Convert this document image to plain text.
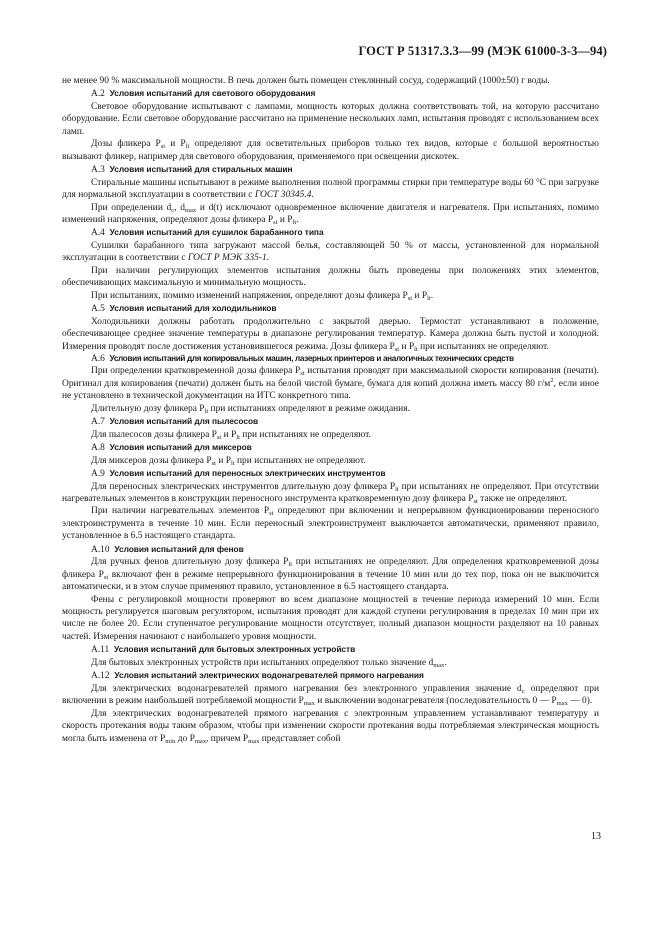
ГОСТ Р 51317.3.3—99 (МЭК 61000-3-3—94)

не менее 90 % максимальной мощности. В печь должен быть помещен стеклянный сосуд, содержащий (1000±50) г воды.

А.2 Условия испытаний для светового оборудования

Световое оборудование испытывают с лампами, мощность которых должна соответствовать той, на которую рассчитано оборудование. Если световое оборудование рассчитано на применение нескольких ламп, испытания проводят с использованием всех ламп.

Дозы фликера $P_{st}$ и $P_{lt}$ определяют для осветительных приборов только тех видов, которые с большой вероятностью вызывают фликер, например для светового оборудования, применяемого при освещении дискотек.

А.3 Условия испытаний для стиральных машин

Стиральные машины испытывают в режиме выполнения полной программы стирки при температуре воды 60 °С при загрузке для нормальной эксплуатации в соответствии с ГОСТ 30345.4.

При определении $d_c$, $d_{max}$ и d(t) исключают одновременное включение двигателя и нагревателя. При испытаниях, помимо изменений напряжения, определяют дозы фликера $P_{st}$ и $P_{lt}$.

А.4 Условия испытаний для сушилок барабанного типа

Сушилки барабанного типа загружают массой белья, составляющей 50 % от массы, установленной для нормальной эксплуатации в соответствии с ГОСТ Р МЭК 335-1.

При наличии регулирующих элементов испытания должны быть проведены при положениях этих элементов, обеспечивающих максимальную и минимальную мощность.

При испытаниях, помимо изменений напряжения, определяют дозы фликера $P_{st}$ и $P_{lt}$.

А.5 Условия испытаний для холодильников

Холодильники должны работать продолжительно с закрытой дверью. Термостат устанавливают в положение, обеспечивающее среднее значение температуры в диапазоне регулирования температур. Камера должна быть пустой и холодной. Измерения проводят после достижения установившегося режима. Дозы фликера $P_{st}$ и $P_{lt}$ при испытаниях не определяют.

А.6 Условия испытаний для копировальных машин, лазерных принтеров и аналогичных технических средств

При определении кратковременной дозы фликера $P_{st}$ испытания проводят при максимальной скорости копирования (печати). Оригинал для копирования (печати) должен быть на белой чистой бумаге, бумага для копий должна иметь массу 80 $г/м^2$, если иное не установлено в технической документации на ИТС конкретного типа.

Длительную дозу фликера $P_{lt}$ при испытаниях определяют в режиме ожидания.

А.7 Условия испытаний для пылесосов

Для пылесосов дозы фликера $P_{st}$ и $P_{lt}$ при испытаниях не определяют.

А.8 Условия испытаний для миксеров

Для миксеров дозы фликера $P_{st}$ и $P_{lt}$ при испытаниях не определяют.

А.9 Условия испытаний для переносных электрических инструментов

Для переносных электрических инструментов длительную дозу фликера $P_{lt}$ при испытаниях не определяют. При отсутствии нагревательных элементов в конструкции переносного инструмента кратковременную дозу фликера $P_{st}$ также не определяют.

При наличии нагревательных элементов $P_{st}$ определяют при включении и непрерывном функционировании переносного электроинструмента в течение 10 мин. Если переносный электроинструмент выключается автоматически, применяют правило, установленное в 6.5 настоящего стандарта.

А.10 Условия испытаний для фенов

Для ручных фенов длительную дозу фликера $P_{lt}$ при испытаниях не определяют. Для определения кратковременной дозы фликера $P_{st}$ включают фен в режиме непрерывного функционирования в течение 10 мин или до тех пор, пока он не выключится автоматически, и в этом случае применяют правило, установленное в 6.5 настоящего стандарта.

Фены с регулировкой мощности проверяют во всем диапазоне мощностей в течение периода измерений 10 мин. Если мощность регулируется шаговым регулятором, испытания проводят для каждой ступени регулирования в пределах 10 мин при их числе не более 20. Если ступенчатое регулирование мощности отсутствует, полный диапазон мощности разделяют на 10 равных частей. Измерения начинают с наибольшего уровня мощности.

А.11 Условия испытаний для бытовых электронных устройств

Для бытовых электронных устройств при испытаниях определяют только значение $d_{max}$.

А.12 Условия испытаний электрических водонагревателей прямого нагревания

Для электрических водонагревателей прямого нагревания без электронного управления значение $d_c$ определяют при включении в режим наибольшей потребляемой мощности $P_{max}$ и выключении водонагревателя (последовательность 0 — $P_{max}$ — 0).

Для электрических водонагревателей прямого нагревания с электронным управлением устанавливают температуру и скорость протекания воды таким образом, чтобы при изменении скорости протекания воды потребляемая электрическая мощность могла быть изменена от $P_{min}$ до $P_{max}$, причем $P_{max}$ представляет собой

13
